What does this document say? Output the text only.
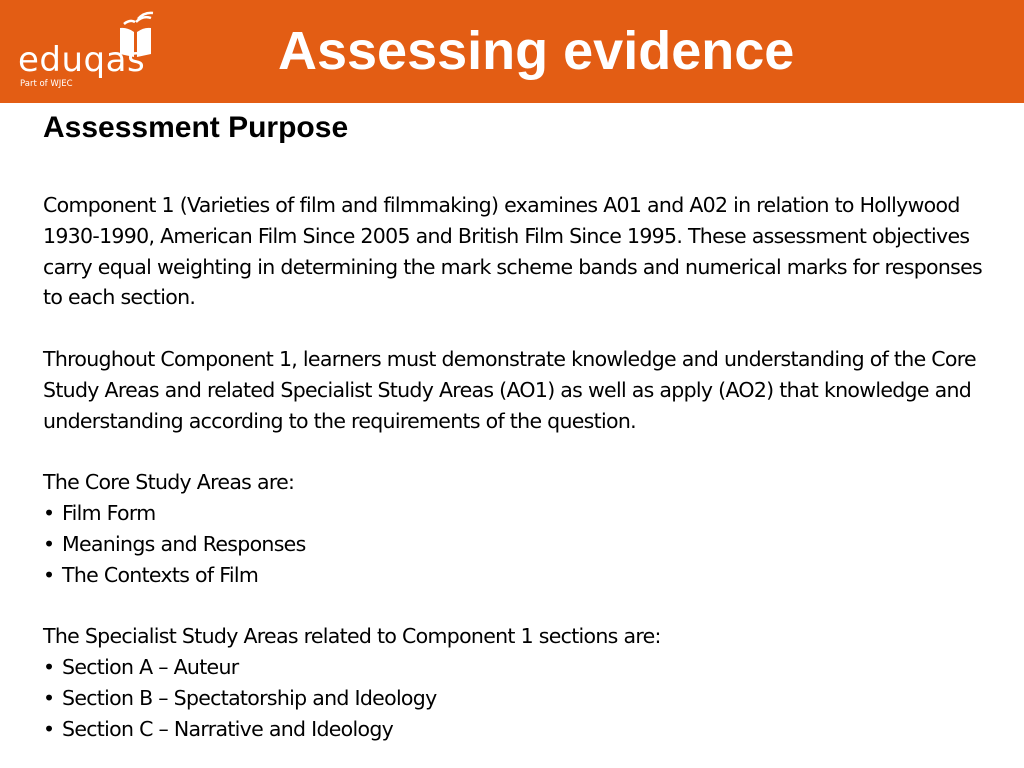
eduqas
Part of WJEC
Assessing evidence
Assessment Purpose

Component 1 (Varieties of film and filmmaking) examines A01 and A02 in relation to Hollywood 1930-1990, American Film Since 2005 and British Film Since 1995. These assessment objectives carry equal weighting in determining the mark scheme bands and numerical marks for responses to each section.

Throughout Component 1, learners must demonstrate knowledge and understanding of the Core Study Areas and related Specialist Study Areas (AO1) as well as apply (AO2) that knowledge and understanding according to the requirements of the question.

The Core Study Areas are:

• Film Form
• Meanings and Responses
• The Contexts of Film

The Specialist Study Areas related to Component 1 sections are:

• Section A – Auteur
• Section B – Spectatorship and Ideology
• Section C – Narrative and Ideology
